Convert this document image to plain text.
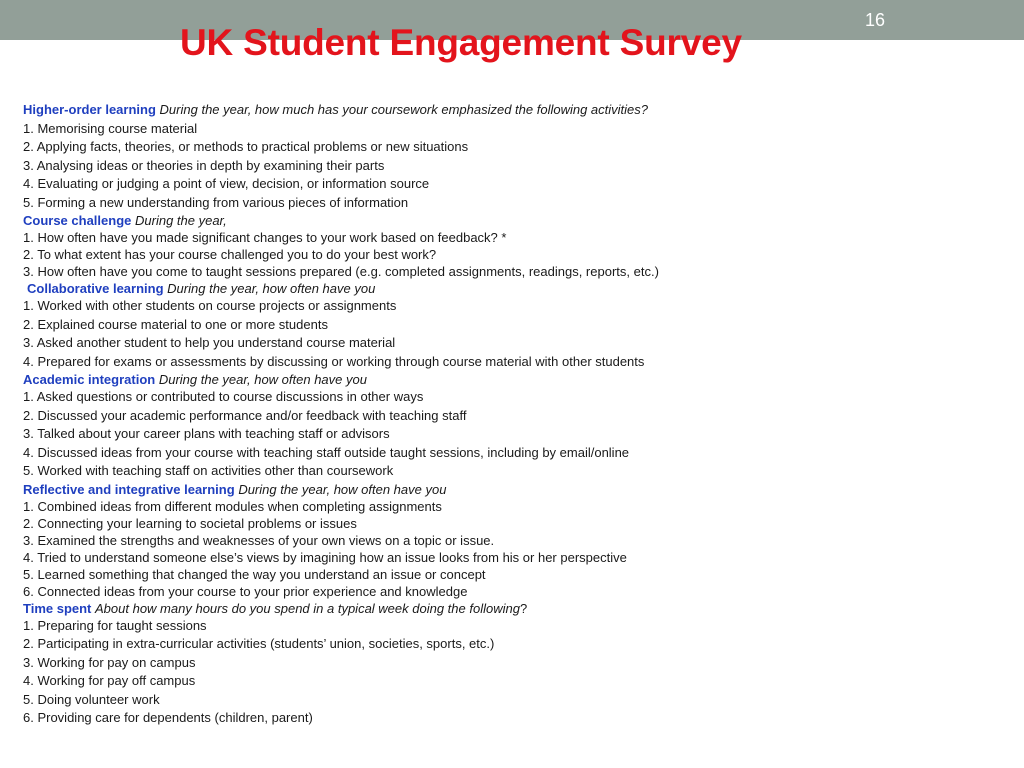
16
UK Student Engagement Survey
Higher-order learning During the year, how much has your coursework emphasized the following activities?
1. Memorising course material
2. Applying facts, theories, or methods to practical problems or new situations
3. Analysing ideas or theories in depth by examining their parts
4. Evaluating or judging a point of view, decision, or information source
5. Forming a new understanding from various pieces of information
Course challenge During the year,
1. How often have you made significant changes to your work based on feedback? *
2. To what extent has your course challenged you to do your best work?
3. How often have you come to taught sessions prepared (e.g. completed assignments, readings, reports, etc.)
Collaborative learning During the year, how often have you
1. Worked with other students on course projects or assignments
2. Explained course material to one or more students
3. Asked another student to help you understand course material
4. Prepared for exams or assessments by discussing or working through course material with other students
Academic integration During the year, how often have you
1. Asked questions or contributed to course discussions in other ways
2. Discussed your academic performance and/or feedback with teaching staff
3. Talked about your career plans with teaching staff or advisors
4. Discussed ideas from your course with teaching staff outside taught sessions, including by email/online
5. Worked with teaching staff on activities other than coursework
Reflective and integrative learning During the year, how often have you
1. Combined ideas from different modules when completing assignments
2. Connecting your learning to societal problems or issues
3. Examined the strengths and weaknesses of your own views on a topic or issue.
4. Tried to understand someone else’s views by imagining how an issue looks from his or her perspective
5. Learned something that changed the way you understand an issue or concept
6. Connected ideas from your course to your prior experience and knowledge
Time spent About how many hours do you spend in a typical week doing the following?
1. Preparing for taught sessions
2. Participating in extra-curricular activities (students’ union, societies, sports, etc.)
3. Working for pay on campus
4. Working for pay off campus
5. Doing volunteer work
6. Providing care for dependents (children, parent)
